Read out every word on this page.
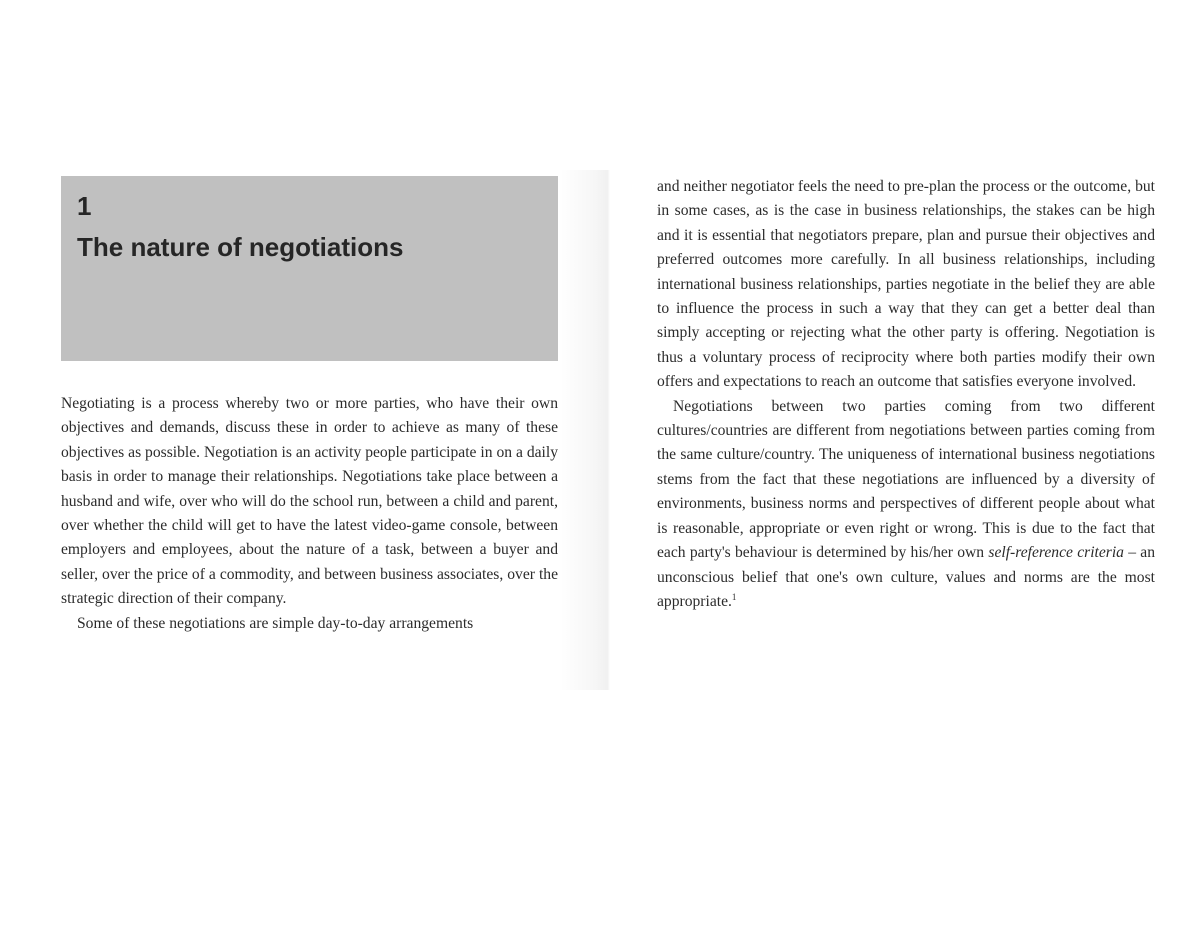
1
The nature of negotiations

Negotiating is a process whereby two or more parties, who have their own objectives and demands, discuss these in order to achieve as many of these objectives as possible. Negotiation is an activity people participate in on a daily basis in order to manage their relationships. Negotiations take place between a husband and wife, over who will do the school run, between a child and parent, over whether the child will get to have the latest video-game console, between employers and employees, about the nature of a task, between a buyer and seller, over the price of a commodity, and between business associates, over the strategic direction of their company.

Some of these negotiations are simple day-to-day arrangements

and neither negotiator feels the need to pre-plan the process or the outcome, but in some cases, as is the case in business relationships, the stakes can be high and it is essential that negotiators prepare, plan and pursue their objectives and preferred outcomes more carefully. In all business relationships, including international business relationships, parties negotiate in the belief they are able to influence the process in such a way that they can get a better deal than simply accepting or rejecting what the other party is offering. Negotiation is thus a voluntary process of reciprocity where both parties modify their own offers and expectations to reach an outcome that satisfies everyone involved.

Negotiations between two parties coming from two different cultures/countries are different from negotiations between parties coming from the same culture/country. The uniqueness of international business negotiations stems from the fact that these negotiations are influenced by a diversity of environments, business norms and perspectives of different people about what is reasonable, appropriate or even right or wrong. This is due to the fact that each party's behaviour is determined by his/her own self-reference criteria – an unconscious belief that one's own culture, values and norms are the most appropriate.$^1$
